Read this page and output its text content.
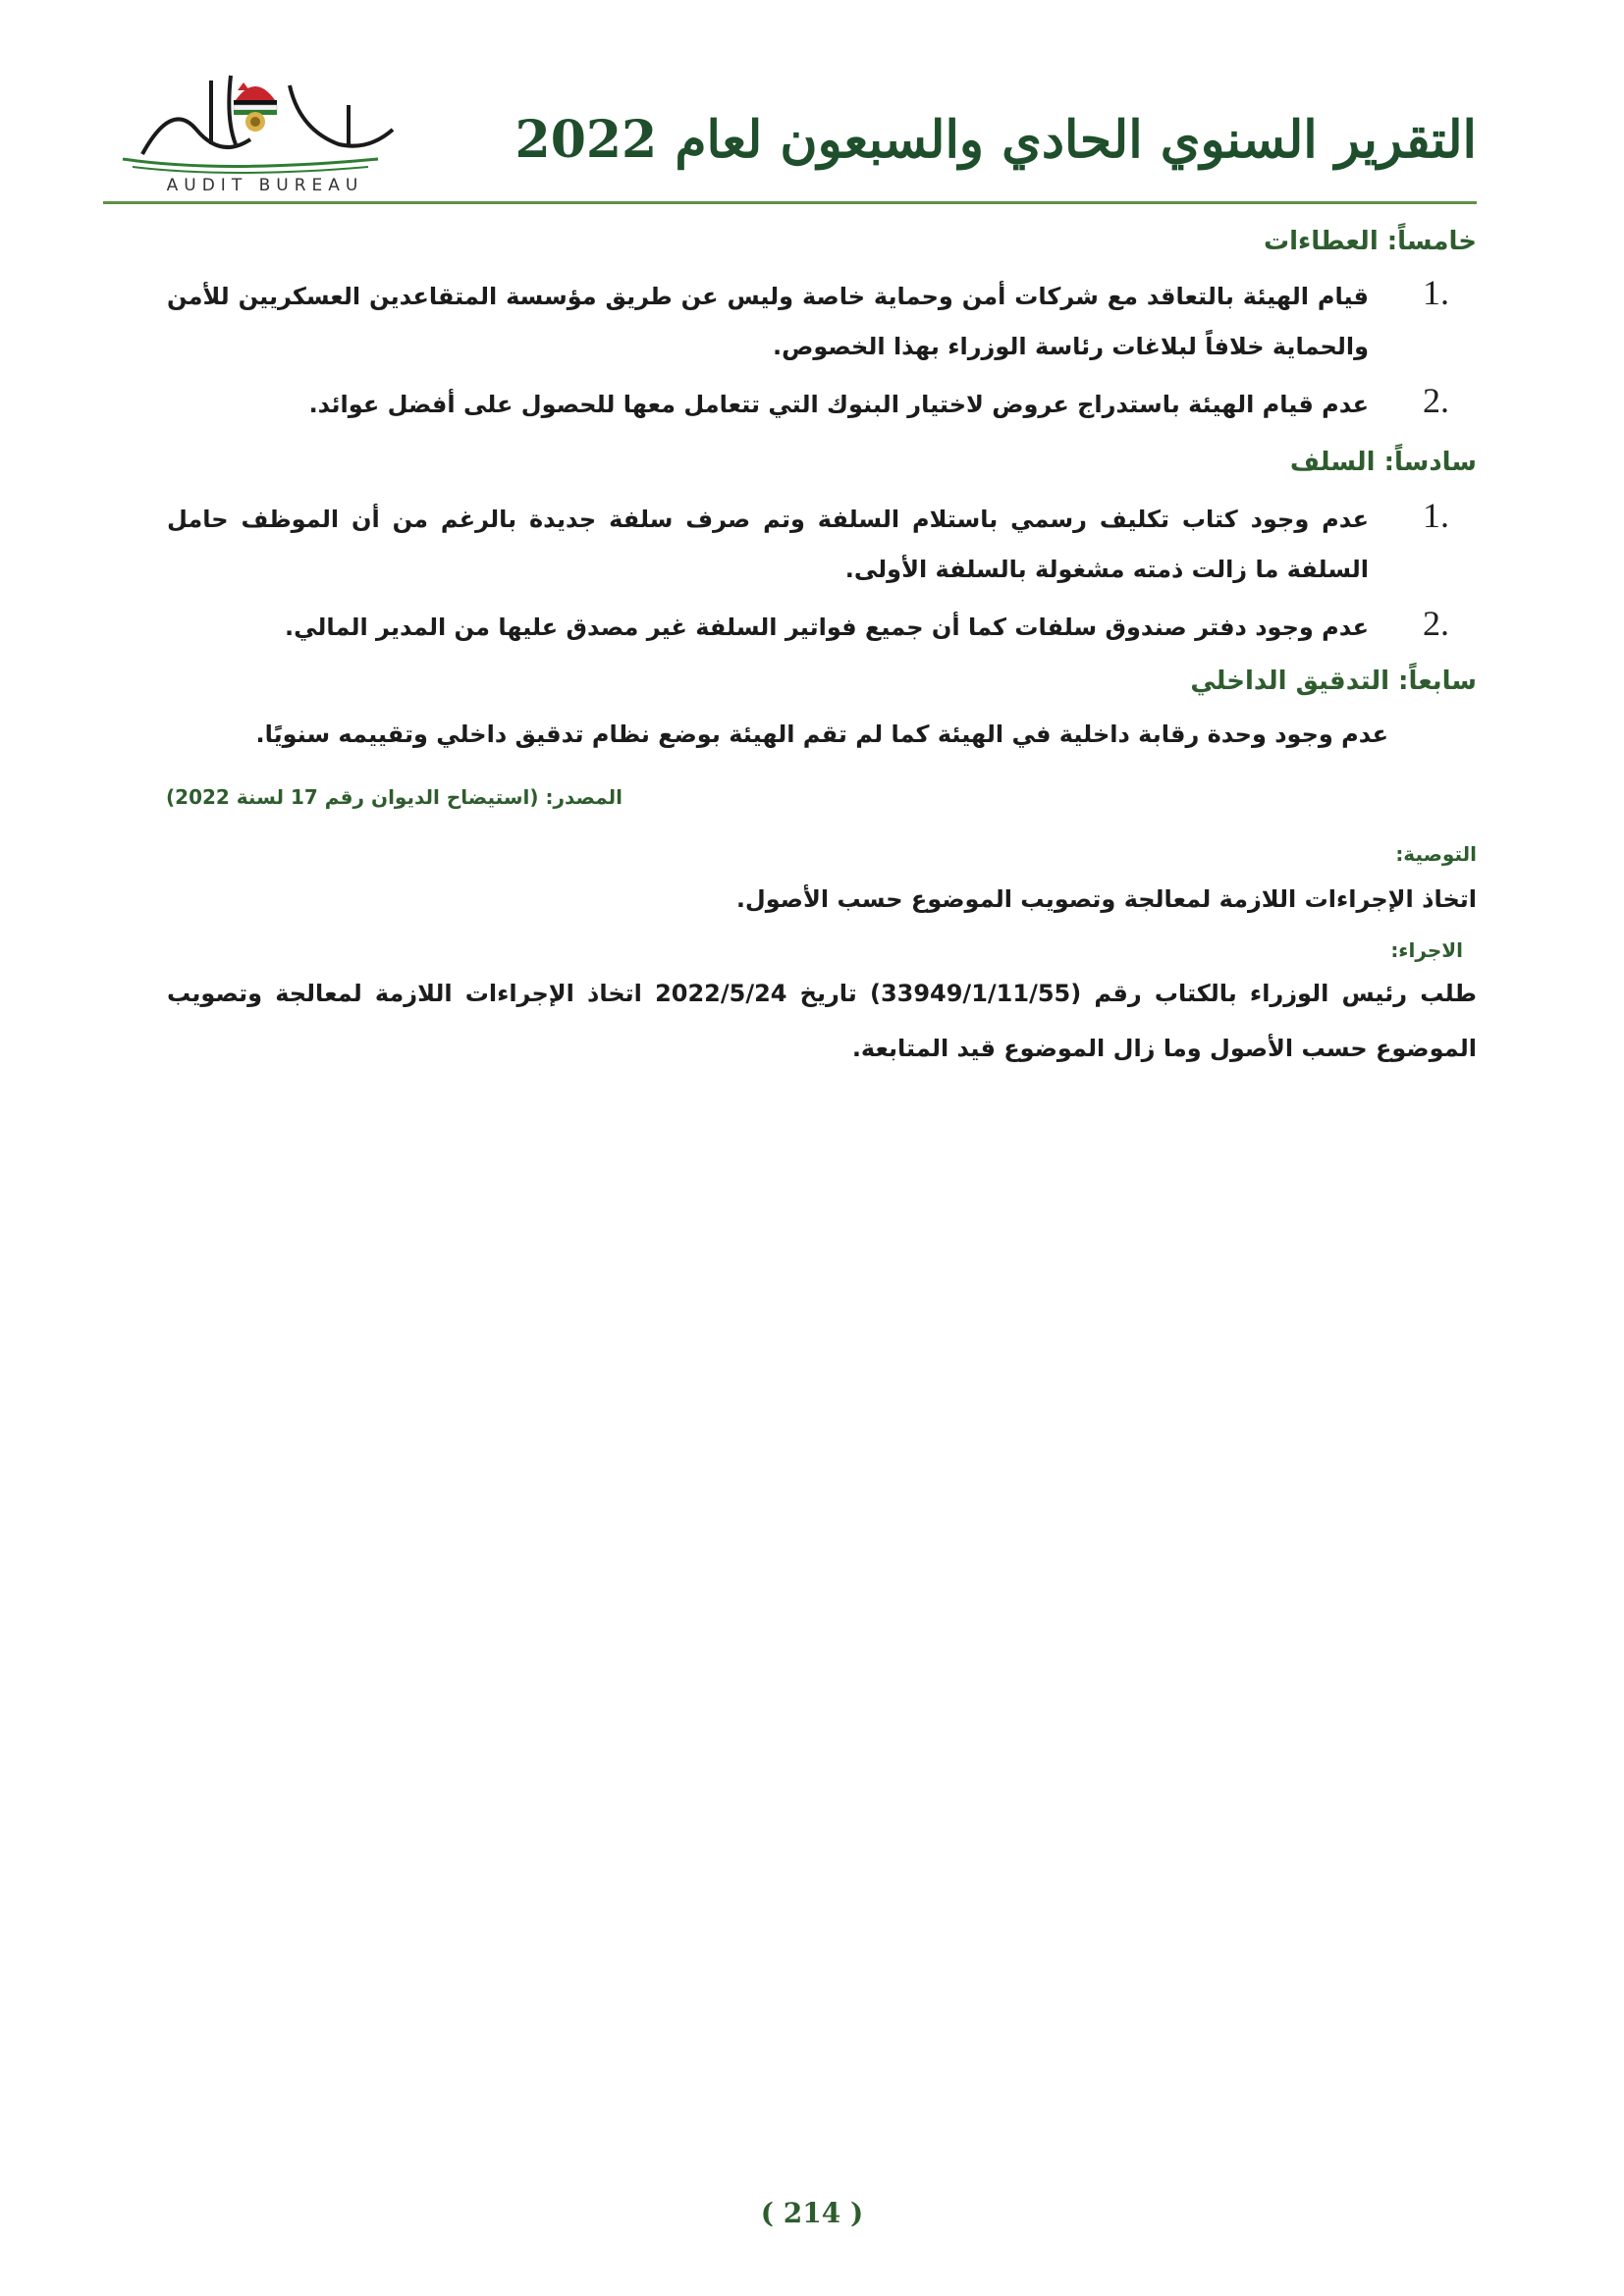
AUDIT BUREAU
ديوان المحاسبة
التقرير السنوي الحادي والسبعون لعام 2022
خامساً: العطاءات
1.
قيام الهيئة بالتعاقد مع شركات أمن وحماية خاصة وليس عن طريق مؤسسة المتقاعدين العسكريين للأمن والحماية خلافاً لبلاغات رئاسة الوزراء بهذا الخصوص.
2.
عدم قيام الهيئة باستدراج عروض لاختيار البنوك التي تتعامل معها للحصول على أفضل عوائد.
سادساً: السلف
1.
عدم وجود كتاب تكليف رسمي باستلام السلفة وتم صرف سلفة جديدة بالرغم من أن الموظف حامل السلفة ما زالت ذمته مشغولة بالسلفة الأولى.
2.
عدم وجود دفتر صندوق سلفات كما أن جميع فواتير السلفة غير مصدق عليها من المدير المالي.
سابعاً: التدقيق الداخلي
عدم وجود وحدة رقابة داخلية في الهيئة كما لم تقم الهيئة بوضع نظام تدقيق داخلي وتقييمه سنويًا.
المصدر: (استيضاح الديوان رقم 17 لسنة 2022)
التوصية:
اتخاذ الإجراءات اللازمة لمعالجة وتصويب الموضوع حسب الأصول.
الاجراء:
طلب رئيس الوزراء بالكتاب رقم (33949/1/11/55) تاريخ 2022/5/24 اتخاذ الإجراءات اللازمة لمعالجة وتصويب الموضوع حسب الأصول وما زال الموضوع قيد المتابعة.
( 214 )
